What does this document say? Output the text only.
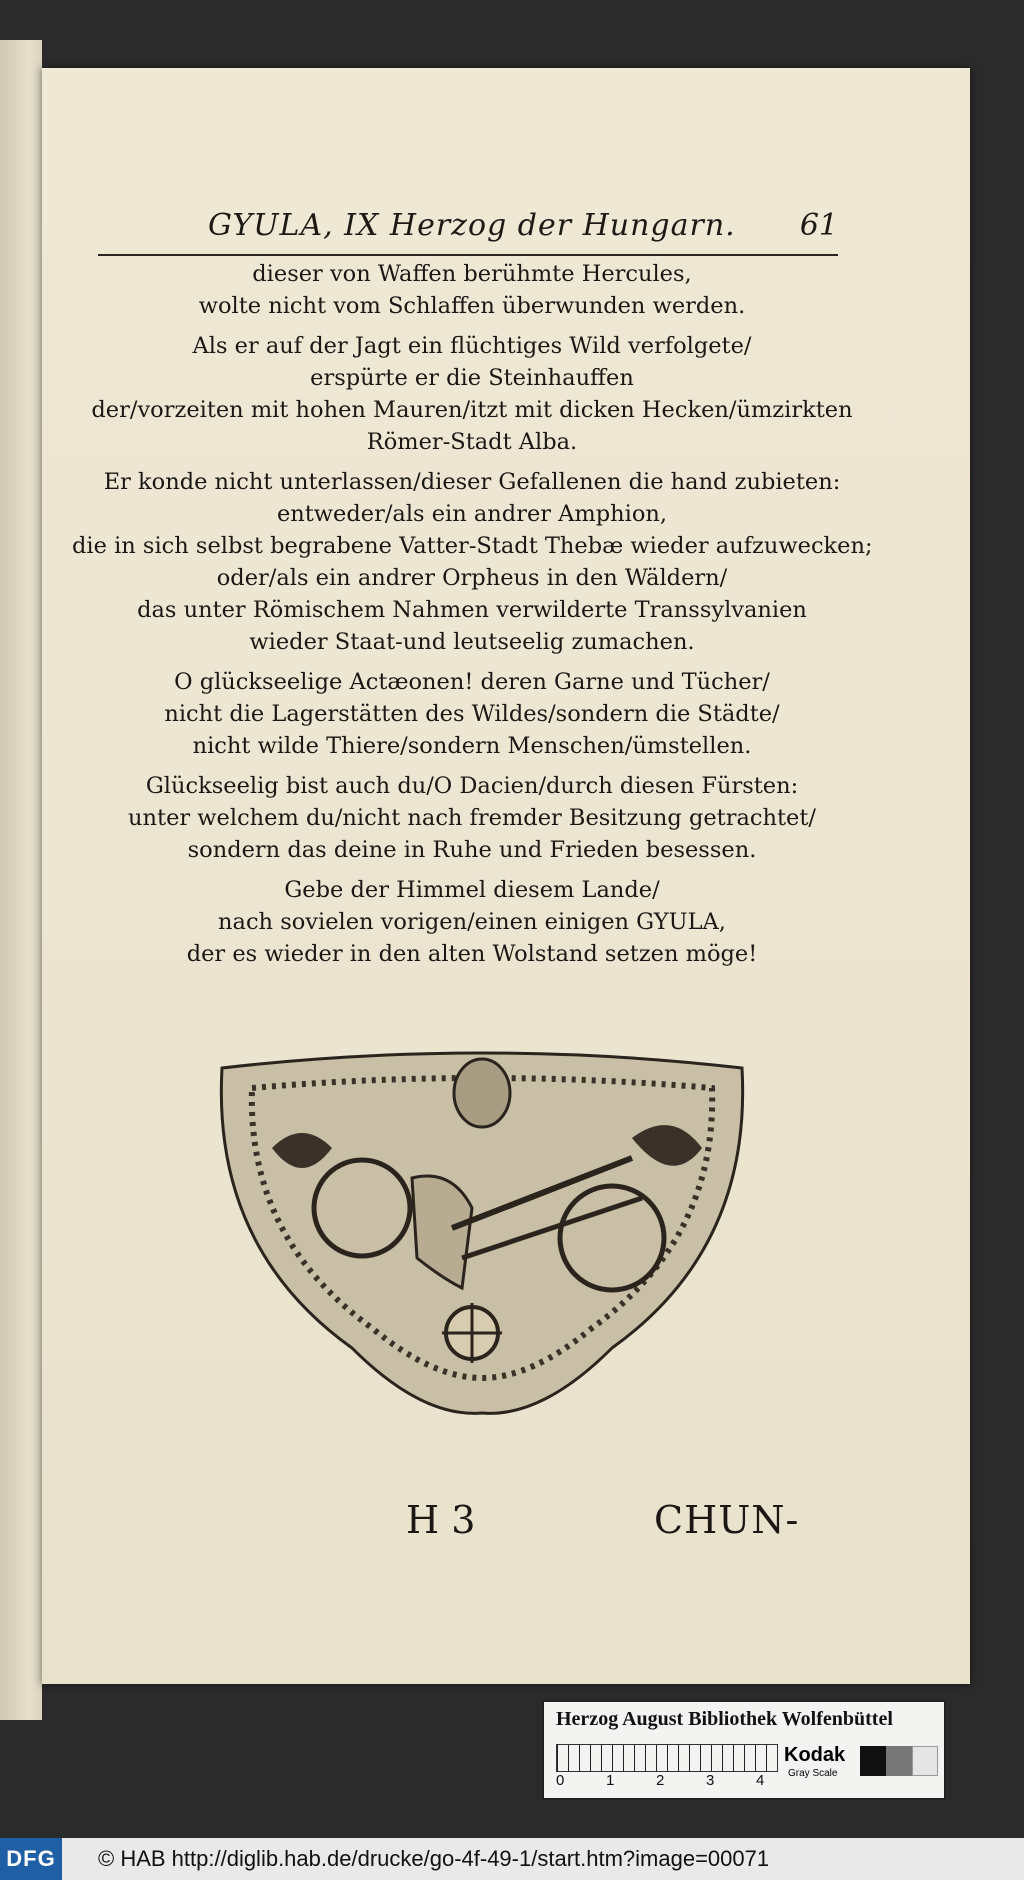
GYULA, IX Herzog der Hungarn. 61
dieser von Waffen berühmte Hercules,
wolte nicht vom Schlaffen überwunden werden.
Als er auf der Jagt ein flüchtiges Wild verfolgete/
erspürte er die Steinhauffen
der/vorzeiten mit hohen Mauren/itzt mit dicken Hecken/ümzirkten
Römer-Stadt Alba.
Er konde nicht unterlassen/dieser Gefallenen die hand zubieten:
entweder/als ein andrer Amphion,
die in sich selbst begrabene Vatter-Stadt Thebæ wieder aufzuwecken;
oder/als ein andrer Orpheus in den Wäldern/
das unter Römischem Nahmen verwilderte Transsylvanien
wieder Staat-und leutseelig zumachen.
O glückseelige Actæonen! deren Garne und Tücher/
nicht die Lagerstätten des Wildes/sondern die Städte/
nicht wilde Thiere/sondern Menschen/ümstellen.
Glückseelig bist auch du/O Dacien/durch diesen Fürsten:
unter welchem du/nicht nach fremder Besitzung getrachtet/
sondern das deine in Ruhe und Frieden besessen.
Gebe der Himmel diesem Lande/
nach sovielen vorigen/einen einigen GYULA,
der es wieder in den alten Wolstand setzen möge!
H 3	CHUN-
Herzog August Bibliothek Wolfenbüttel
0	1	2	3	4
Kodak
Gray Scale
DFG © HAB http://diglib.hab.de/drucke/go-4f-49-1/start.htm?image=00071
